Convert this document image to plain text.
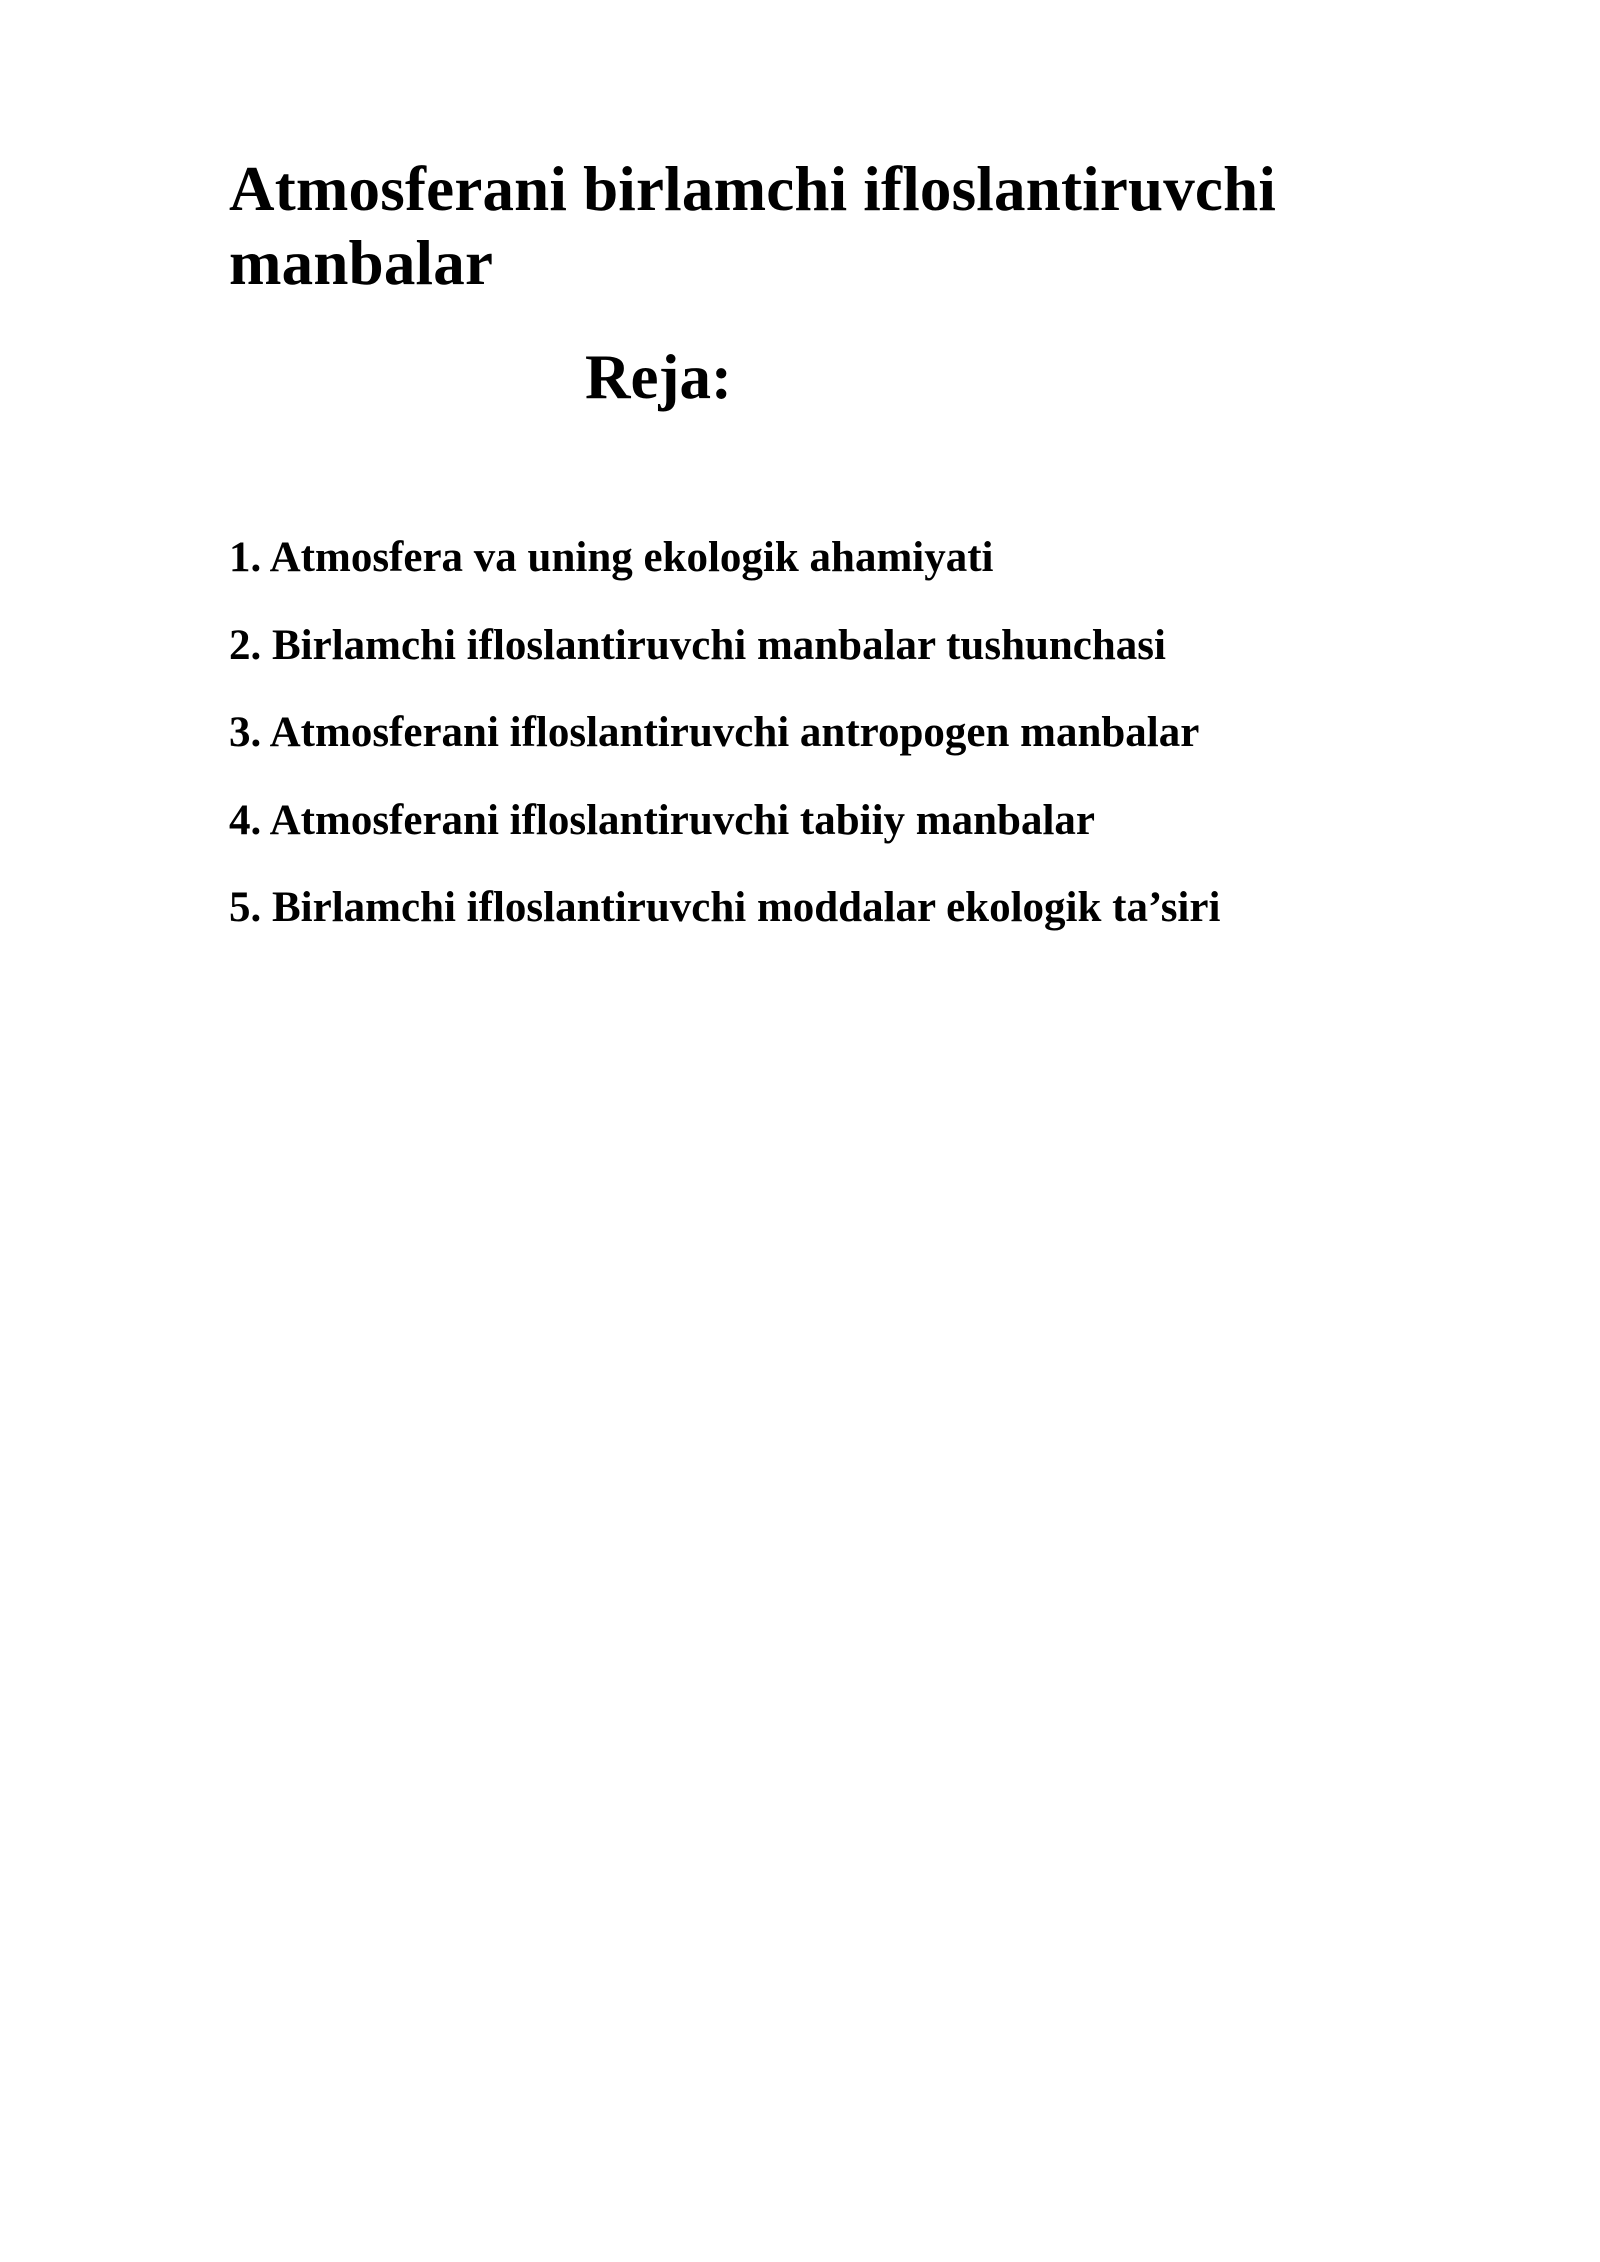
Atmosferani birlamchi ifloslantiruvchi manbalar
Reja:
1. Atmosfera va uning ekologik ahamiyati
2. Birlamchi ifloslantiruvchi manbalar tushunchasi
3. Atmosferani ifloslantiruvchi antropogen manbalar
4. Atmosferani ifloslantiruvchi tabiiy manbalar
5. Birlamchi ifloslantiruvchi moddalar ekologik ta’siri
